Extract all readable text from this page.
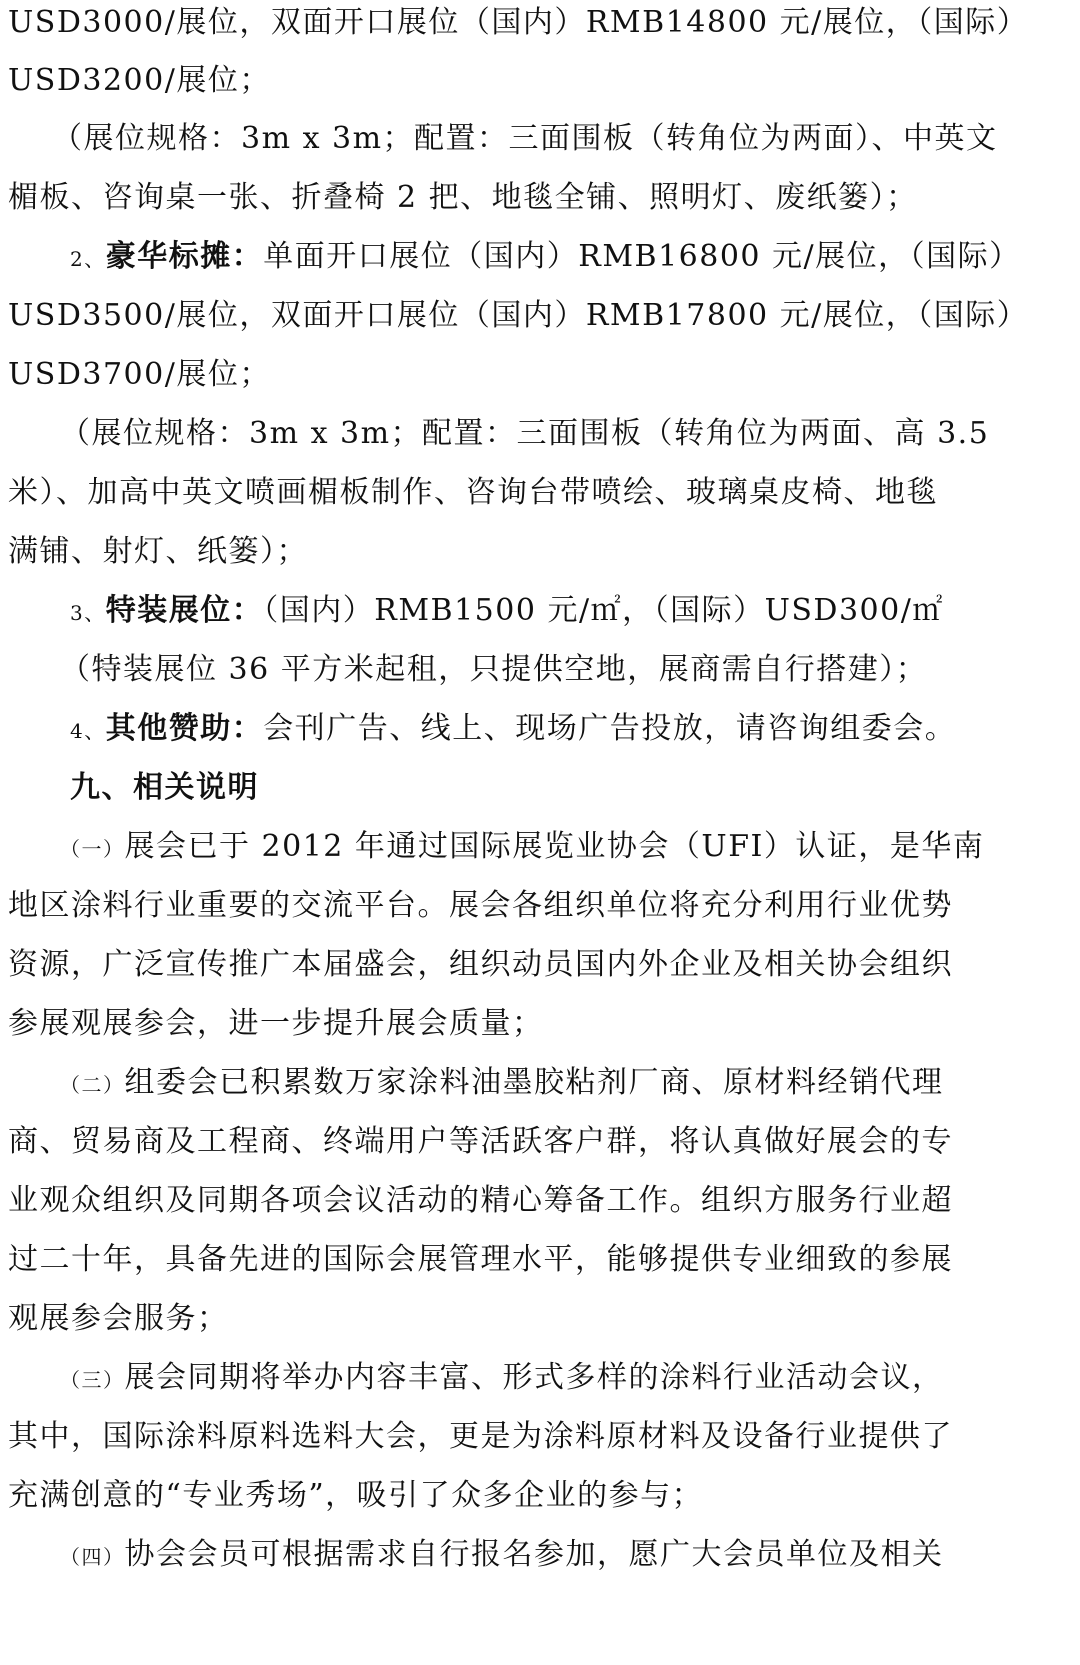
USD3000/展位，双面开口展位（国内）RMB14800 元/展位，（国际）
USD3200/展位；
（展位规格：3m x 3m；配置：三面围板（转角位为两面）、中英文
楣板、咨询桌一张、折叠椅 2 把、地毯全铺、照明灯、废纸篓）；
2、豪华标摊：单面开口展位（国内）RMB16800 元/展位，（国际）
USD3500/展位，双面开口展位（国内）RMB17800 元/展位，（国际）
USD3700/展位；
（展位规格：3m x 3m；配置：三面围板（转角位为两面、高 3.5
米）、加高中英文喷画楣板制作、咨询台带喷绘、玻璃桌皮椅、地毯
满铺、射灯、纸篓）；
3、特装展位：（国内）RMB1500 元/㎡，（国际）USD300/㎡
（特装展位 36 平方米起租，只提供空地，展商需自行搭建）；
4、其他赞助：会刊广告、线上、现场广告投放，请咨询组委会。
九、相关说明
（一）展会已于 2012 年通过国际展览业协会（UFI）认证，是华南
地区涂料行业重要的交流平台。展会各组织单位将充分利用行业优势
资源，广泛宣传推广本届盛会，组织动员国内外企业及相关协会组织
参展观展参会，进一步提升展会质量；
（二）组委会已积累数万家涂料油墨胶粘剂厂商、原材料经销代理
商、贸易商及工程商、终端用户等活跃客户群，将认真做好展会的专
业观众组织及同期各项会议活动的精心筹备工作。组织方服务行业超
过二十年，具备先进的国际会展管理水平，能够提供专业细致的参展
观展参会服务；
（三）展会同期将举办内容丰富、形式多样的涂料行业活动会议，
其中，国际涂料原料选料大会，更是为涂料原材料及设备行业提供了
充满创意的“专业秀场”，吸引了众多企业的参与；
（四）协会会员可根据需求自行报名参加，愿广大会员单位及相关
